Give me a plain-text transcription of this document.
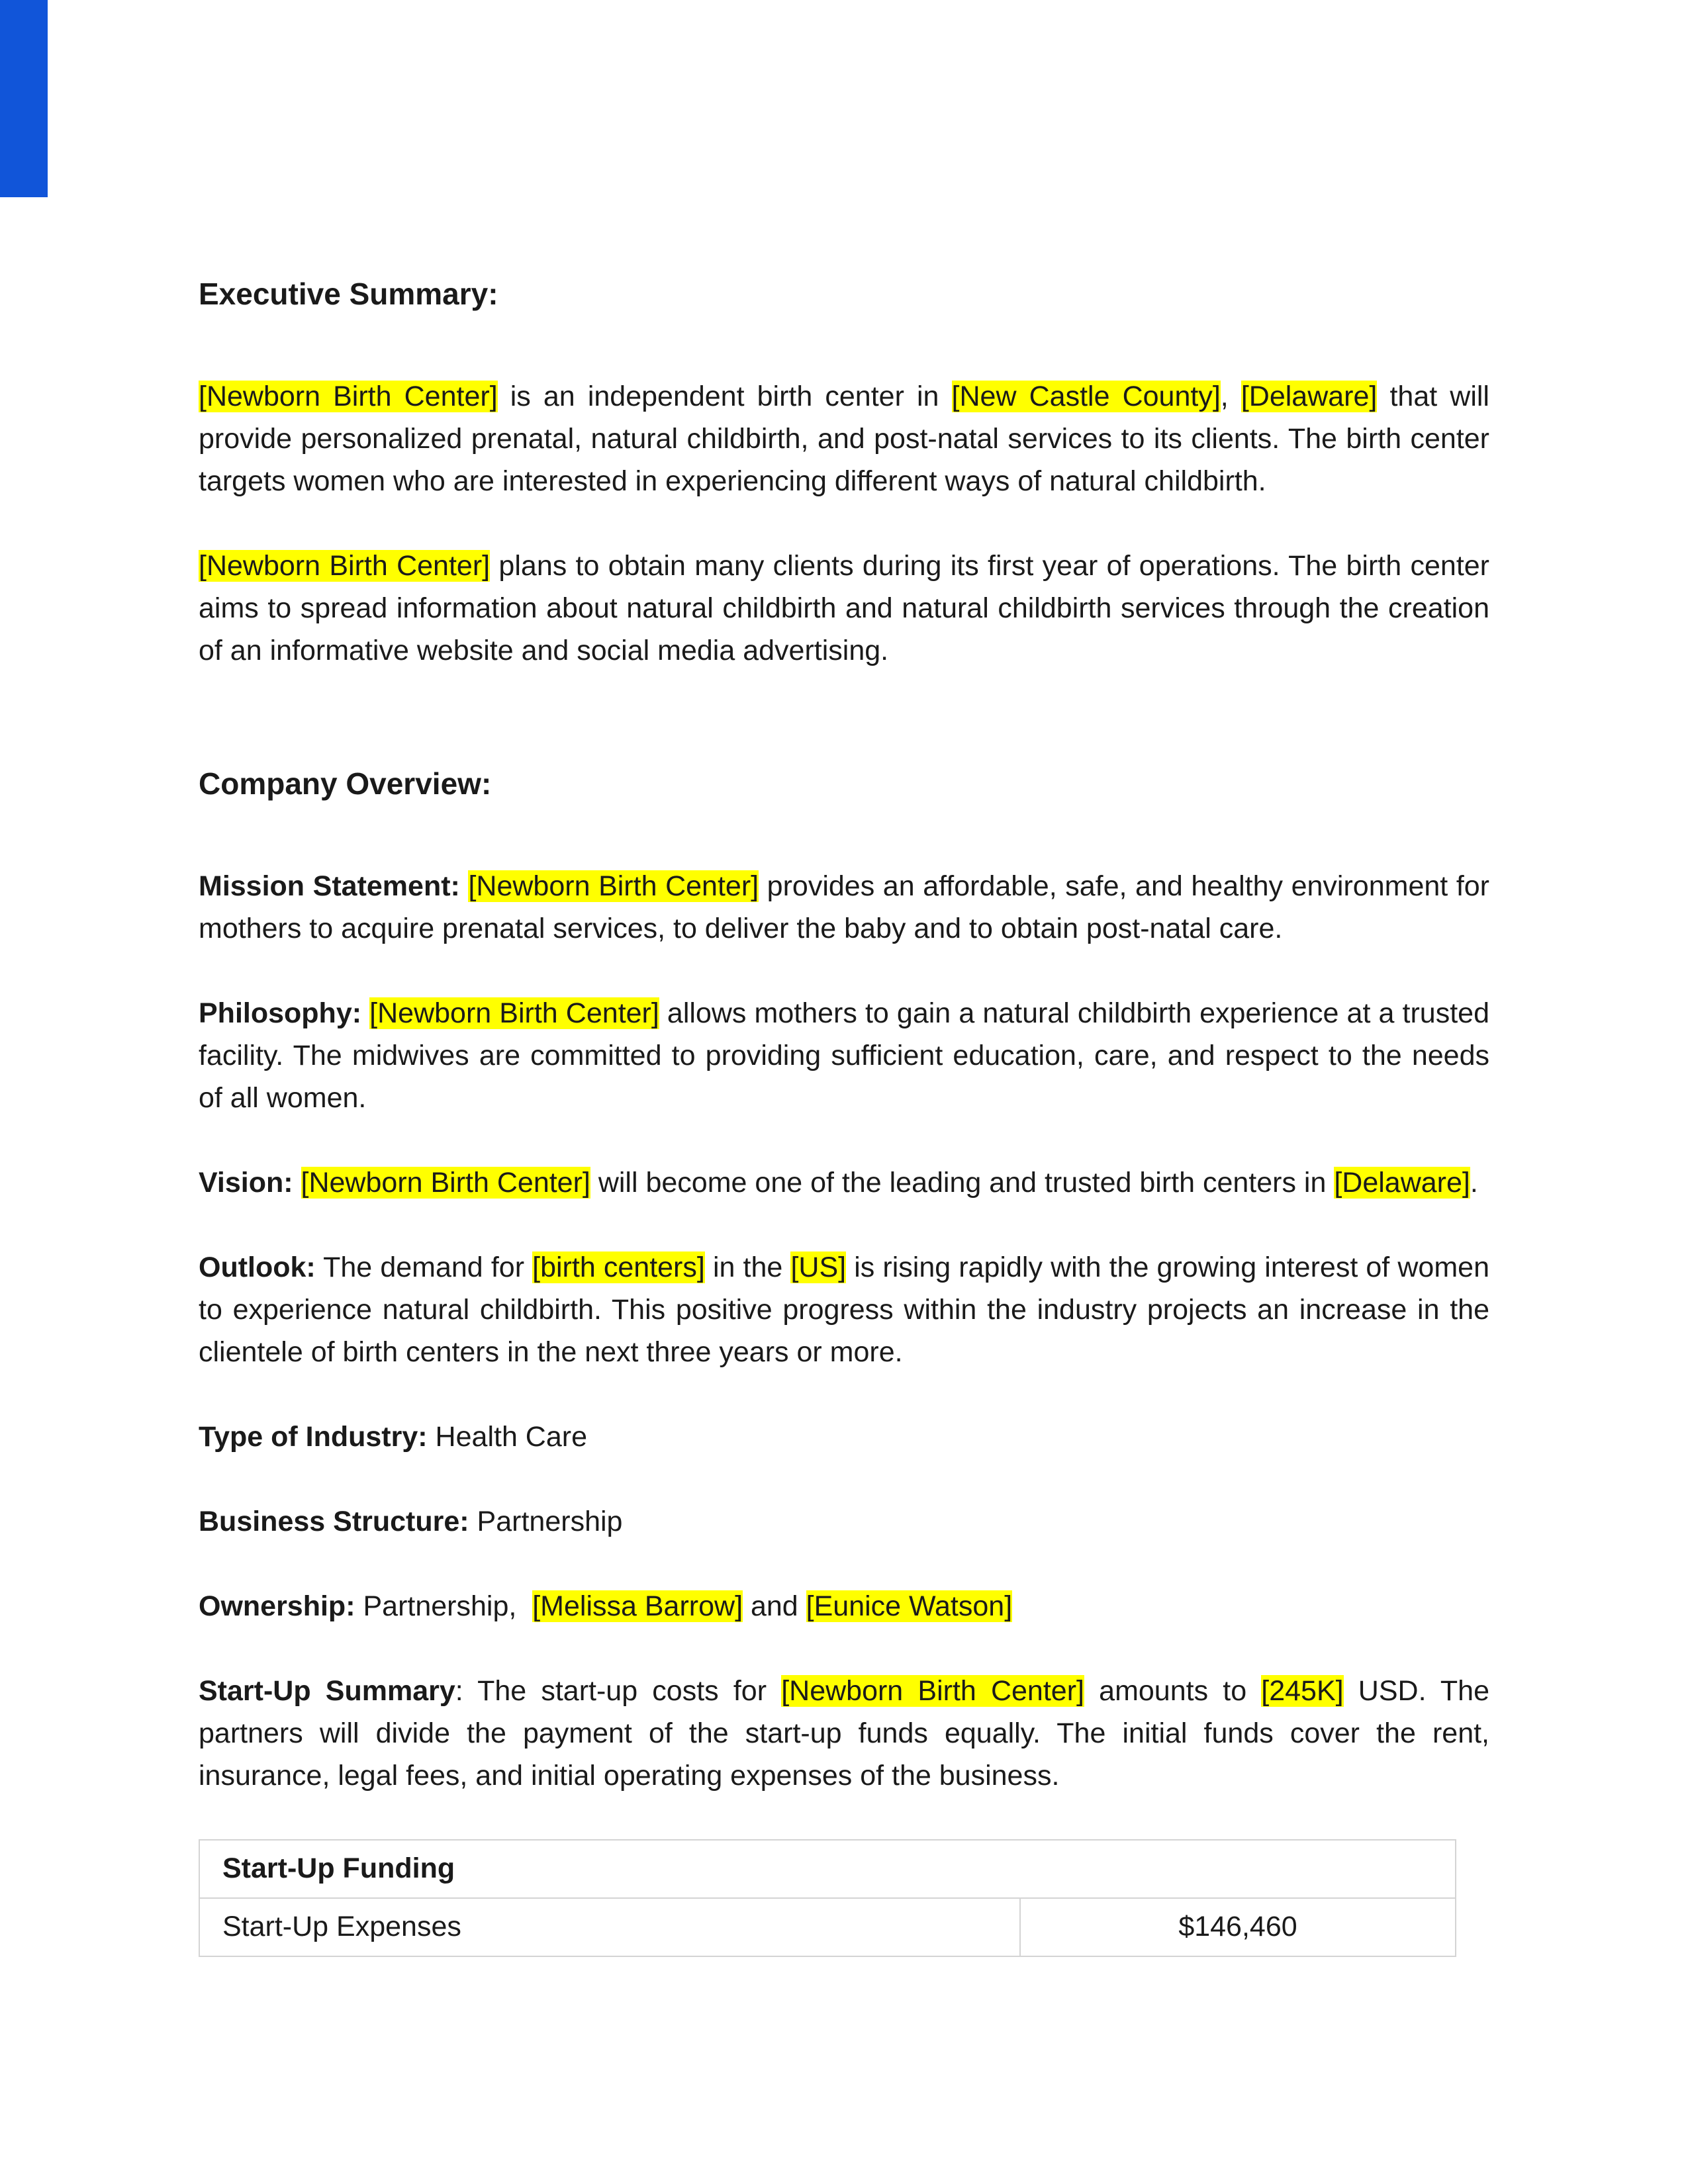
Executive Summary:

[Newborn Birth Center] is an independent birth center in [New Castle County], [Delaware] that will provide personalized prenatal, natural childbirth, and post-natal services to its clients. The birth center targets women who are interested in experiencing different ways of natural childbirth.

[Newborn Birth Center] plans to obtain many clients during its first year of operations. The birth center aims to spread information about natural childbirth and natural childbirth services through the creation of an informative website and social media advertising.

Company Overview:

Mission Statement: [Newborn Birth Center] provides an affordable, safe, and healthy environment for mothers to acquire prenatal services, to deliver the baby and to obtain post-natal care.

Philosophy: [Newborn Birth Center] allows mothers to gain a natural childbirth experience at a trusted facility. The midwives are committed to providing sufficient education, care, and respect to the needs of all women.

Vision: [Newborn Birth Center] will become one of the leading and trusted birth centers in [Delaware].

Outlook: The demand for [birth centers] in the [US] is rising rapidly with the growing interest of women to experience natural childbirth. This positive progress within the industry projects an increase in the clientele of birth centers in the next three years or more.

Type of Industry: Health Care

Business Structure: Partnership

Ownership: Partnership,  [Melissa Barrow] and [Eunice Watson]

Start-Up Summary: The start-up costs for [Newborn Birth Center] amounts to [245K] USD. The partners will divide the payment of the start-up funds equally. The initial funds cover the rent, insurance, legal fees, and initial operating expenses of the business.

Start-Up Funding
Start-Up Expenses	$146,460
